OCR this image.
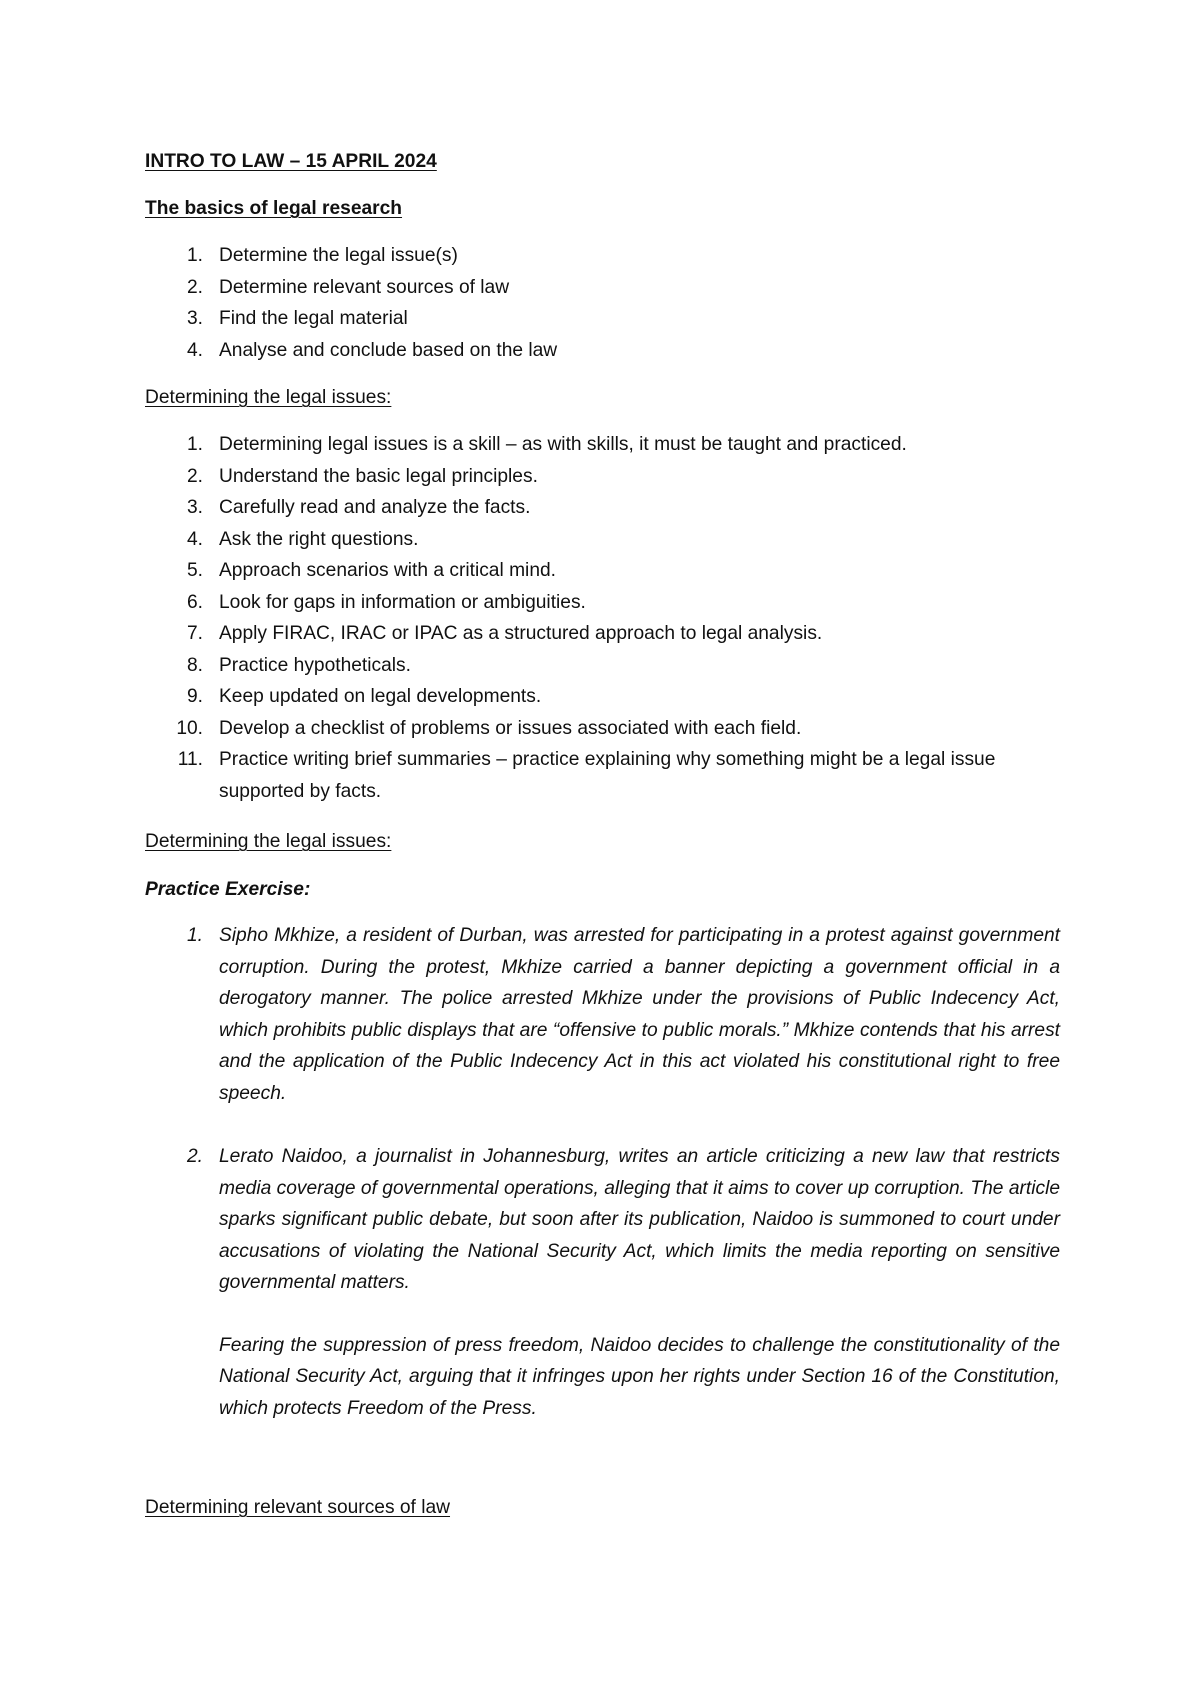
INTRO TO LAW – 15 APRIL 2024

The basics of legal research

1. Determine the legal issue(s)
2. Determine relevant sources of law
3. Find the legal material
4. Analyse and conclude based on the law

Determining the legal issues:

1. Determining legal issues is a skill – as with skills, it must be taught and practiced.
2. Understand the basic legal principles.
3. Carefully read and analyze the facts.
4. Ask the right questions.
5. Approach scenarios with a critical mind.
6. Look for gaps in information or ambiguities.
7. Apply FIRAC, IRAC or IPAC as a structured approach to legal analysis.
8. Practice hypotheticals.
9. Keep updated on legal developments.
10. Develop a checklist of problems or issues associated with each field.
11. Practice writing brief summaries – practice explaining why something might be a legal issue supported by facts.

Determining the legal issues:

Practice Exercise:

1. Sipho Mkhize, a resident of Durban, was arrested for participating in a protest against government corruption. During the protest, Mkhize carried a banner depicting a government official in a derogatory manner. The police arrested Mkhize under the provisions of Public Indecency Act, which prohibits public displays that are “offensive to public morals.” Mkhize contends that his arrest and the application of the Public Indecency Act in this act violated his constitutional right to free speech.
2. Lerato Naidoo, a journalist in Johannesburg, writes an article criticizing a new law that restricts media coverage of governmental operations, alleging that it aims to cover up corruption. The article sparks significant public debate, but soon after its publication, Naidoo is summoned to court under accusations of violating the National Security Act, which limits the media reporting on sensitive governmental matters.
Fearing the suppression of press freedom, Naidoo decides to challenge the constitutionality of the National Security Act, arguing that it infringes upon her rights under Section 16 of the Constitution, which protects Freedom of the Press.

Determining relevant sources of law
